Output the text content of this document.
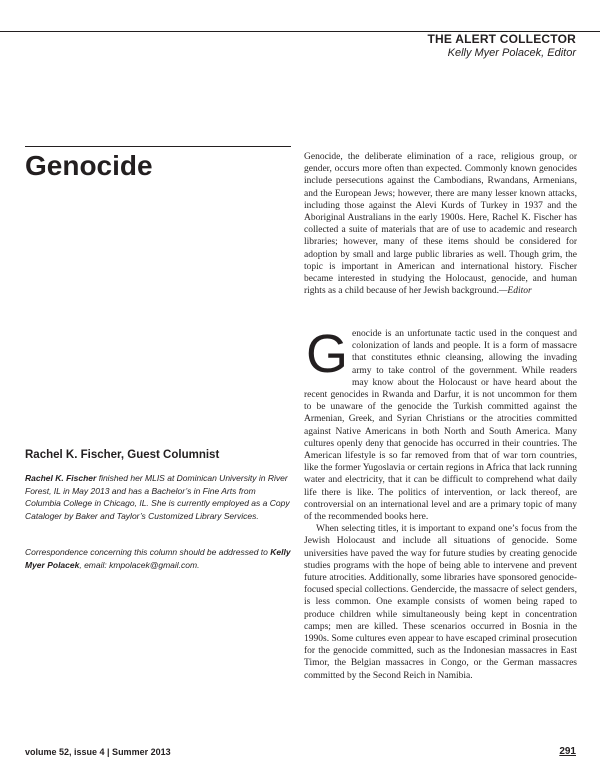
THE ALERT COLLECTOR
Kelly Myer Polacek, Editor
Genocide

Rachel K. Fischer, Guest Columnist

Rachel K. Fischer finished her MLIS at Dominican University in River Forest, IL in May 2013 and has a Bachelor’s in Fine Arts from Columbia College in Chicago, IL. She is currently employed as a Copy Cataloger by Baker and Taylor’s Customized Library Services.

Correspondence concerning this column should be addressed to Kelly Myer Polacek, email: kmpolacek@gmail.com.

Genocide, the deliberate elimination of a race, religious group, or gender, occurs more often than expected. Commonly known genocides include persecutions against the Cambodians, Rwandans, Armenians, and the European Jews; however, there are many lesser known attacks, including those against the Alevi Kurds of Turkey in 1937 and the Aboriginal Australians in the early 1900s. Here, Rachel K. Fischer has collected a suite of materials that are of use to academic and research libraries; however, many of these items should be considered for adoption by small and large public libraries as well. Though grim, the topic is important in American and international history. Fischer became interested in studying the Holocaust, genocide, and human rights as a child because of her Jewish background.—Editor

Genocide is an unfortunate tactic used in the conquest and colonization of lands and people. It is a form of massacre that constitutes ethnic cleansing, allowing the invading army to take control of the government. While readers may know about the Holocaust or have heard about the recent genocides in Rwanda and Darfur, it is not uncommon for them to be unaware of the genocide the Turkish committed against the Armenian, Greek, and Syrian Christians or the atrocities committed against Native Americans in both North and South America. Many cultures openly deny that genocide has occurred in their countries. The American lifestyle is so far removed from that of war torn countries, like the former Yugoslavia or certain regions in Africa that lack running water and electricity, that it can be difficult to comprehend what daily life there is like. The politics of intervention, or lack thereof, are controversial on an international level and are a primary topic of many of the recommended books here.

When selecting titles, it is important to expand one’s focus from the Jewish Holocaust and include all situations of genocide. Some universities have paved the way for future studies by creating genocide studies programs with the hope of being able to intervene and prevent future atrocities. Additionally, some libraries have sponsored genocide-focused special collections. Gendercide, the massacre of select genders, is less common. One example consists of women being raped to produce children while simultaneously being kept in concentration camps; men are killed. These scenarios occurred in Bosnia in the 1990s. Some cultures even appear to have escaped criminal prosecution for the genocide committed, such as the Indonesian massacres in East Timor, the Belgian massacres in Congo, or the German massacres committed by the Second Reich in Namibia.

volume 52, issue 4 | Summer 2013	291
